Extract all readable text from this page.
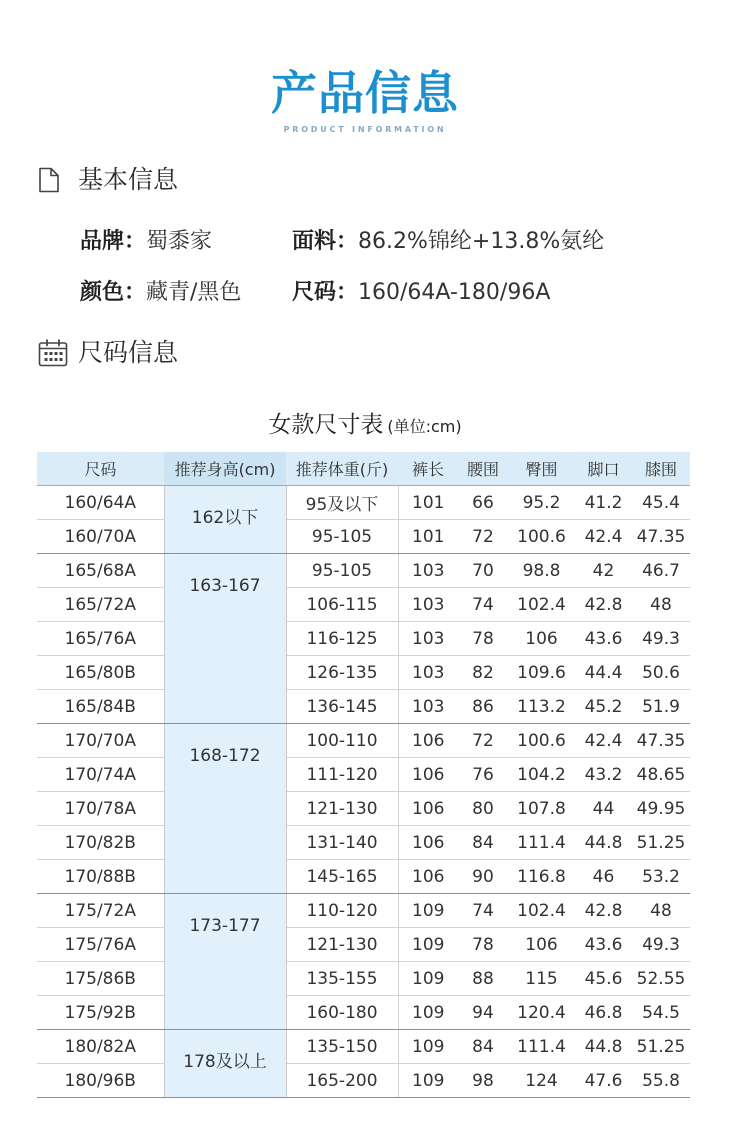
产品信息
PRODUCT INFORMATION
基本信息
品牌：蜀黍家	面料：86.2%锦纶+13.8%氨纶
颜色：藏青/黑色 尺码：160/64A-180/96A
尺码信息
女款尺寸表 (单位:cm)
尺码	推荐身高(cm)	推荐体重(斤)	裤长	腰围	臀围	脚口	膝围
160/64A	162以下	95及以下	101	66	95.2	41.2	45.4
160/70A		95-105	101	72	100.6	42.4	47.35
165/68A	163-167	95-105	103	70	98.8	42	46.7
165/72A		106-115	103	74	102.4	42.8	48
165/76A		116-125	103	78	106	43.6	49.3
165/80B		126-135	103	82	109.6	44.4	50.6
165/84B		136-145	103	86	113.2	45.2	51.9
170/70A	168-172	100-110	106	72	100.6	42.4	47.35
170/74A		111-120	106	76	104.2	43.2	48.65
170/78A		121-130	106	80	107.8	44	49.95
170/82B		131-140	106	84	111.4	44.8	51.25
170/88B		145-165	106	90	116.8	46	53.2
175/72A	173-177	110-120	109	74	102.4	42.8	48
175/76A		121-130	109	78	106	43.6	49.3
175/86B		135-155	109	88	115	45.6	52.55
175/92B		160-180	109	94	120.4	46.8	54.5
180/82A	178及以上	135-150	109	84	111.4	44.8	51.25
180/96B		165-200	109	98	124	47.6	55.8
